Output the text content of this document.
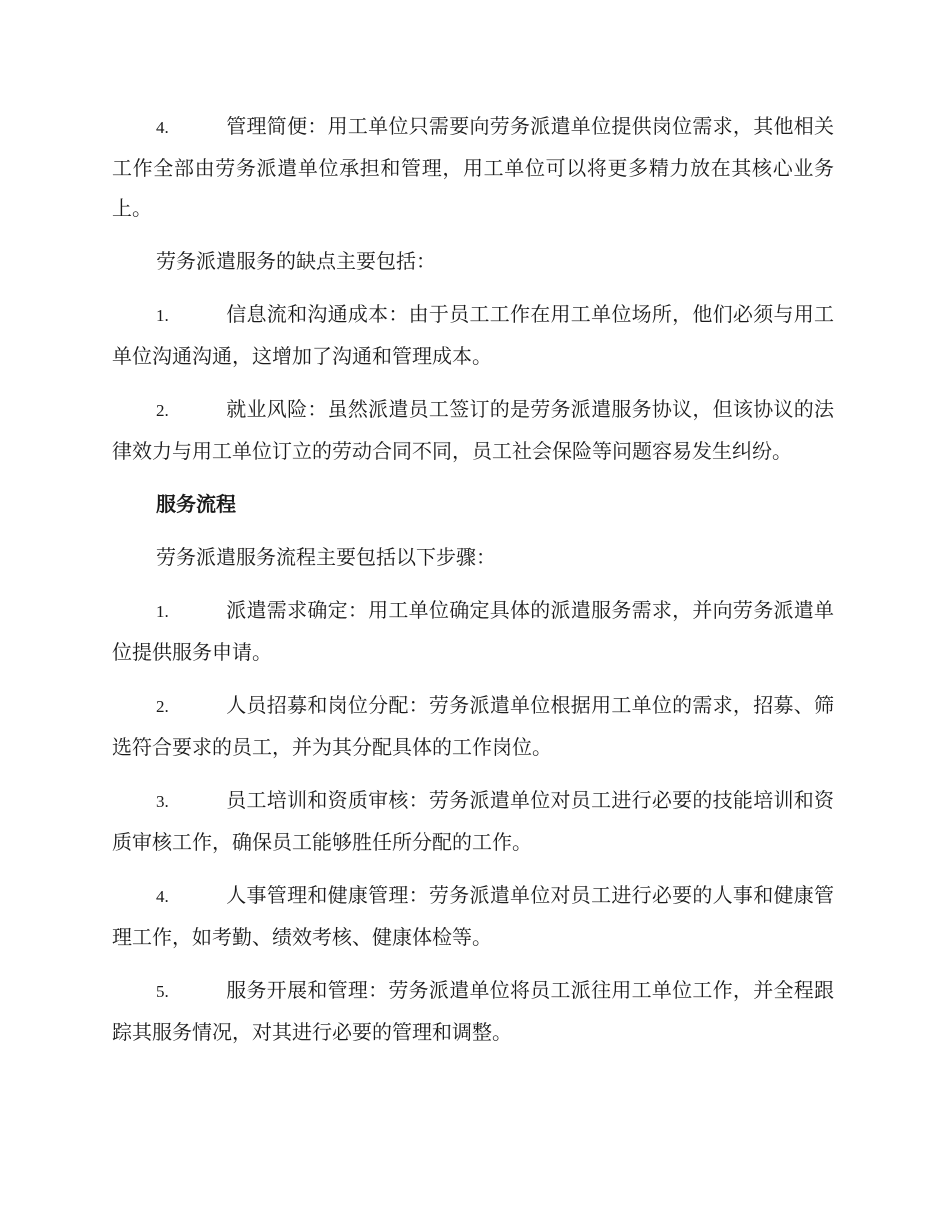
4.	管理简便：用工单位只需要向劳务派遣单位提供岗位需求，其他相关工作全部由劳务派遣单位承担和管理，用工单位可以将更多精力放在其核心业务上。

劳务派遣服务的缺点主要包括：

1.	信息流和沟通成本：由于员工工作在用工单位场所，他们必须与用工单位沟通沟通，这增加了沟通和管理成本。

2.	就业风险：虽然派遣员工签订的是劳务派遣服务协议，但该协议的法律效力与用工单位订立的劳动合同不同，员工社会保险等问题容易发生纠纷。

服务流程

劳务派遣服务流程主要包括以下步骤：

1.	派遣需求确定：用工单位确定具体的派遣服务需求，并向劳务派遣单位提供服务申请。

2.	人员招募和岗位分配：劳务派遣单位根据用工单位的需求，招募、筛选符合要求的员工，并为其分配具体的工作岗位。

3.	员工培训和资质审核：劳务派遣单位对员工进行必要的技能培训和资质审核工作，确保员工能够胜任所分配的工作。

4.	人事管理和健康管理：劳务派遣单位对员工进行必要的人事和健康管理工作，如考勤、绩效考核、健康体检等。

5.	服务开展和管理：劳务派遣单位将员工派往用工单位工作，并全程跟踪其服务情况，对其进行必要的管理和调整。
